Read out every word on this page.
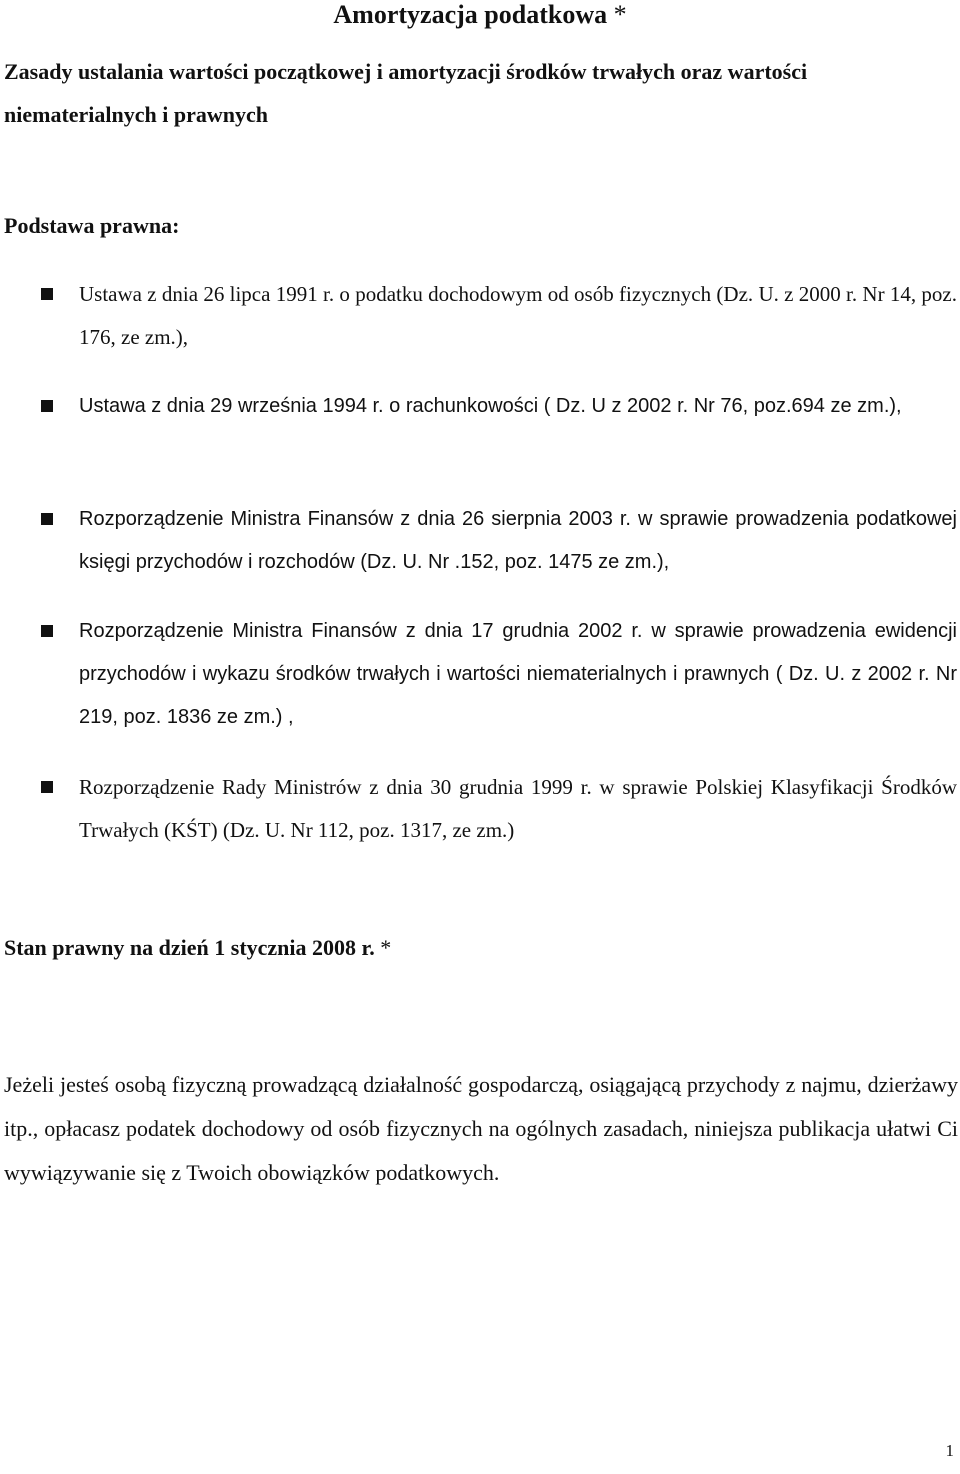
Amortyzacja podatkowa *
Zasady ustalania wartości początkowej i amortyzacji środków trwałych oraz wartości niematerialnych i prawnych
Podstawa prawna:
Ustawa z dnia 26 lipca 1991 r. o podatku dochodowym od osób fizycznych (Dz. U. z 2000 r. Nr 14, poz. 176, ze zm.),
Ustawa z dnia 29 września 1994 r. o rachunkowości ( Dz. U z 2002 r. Nr 76, poz.694 ze zm.),
Rozporządzenie Ministra Finansów z dnia 26 sierpnia 2003 r. w sprawie prowadzenia podatkowej księgi przychodów i rozchodów (Dz. U. Nr .152, poz. 1475 ze zm.),
Rozporządzenie Ministra Finansów z dnia 17 grudnia 2002 r. w sprawie prowadzenia ewidencji przychodów i wykazu środków trwałych i wartości niematerialnych i prawnych ( Dz. U. z 2002 r. Nr 219, poz. 1836 ze zm.) ,
Rozporządzenie Rady Ministrów z dnia 30 grudnia 1999 r. w sprawie Polskiej Klasyfikacji Środków Trwałych (KŚT) (Dz. U. Nr 112, poz. 1317, ze zm.)
Stan prawny na dzień 1 stycznia 2008 r. *
Jeżeli jesteś osobą fizyczną prowadzącą działalność gospodarczą, osiągającą przychody z najmu, dzierżawy itp., opłacasz podatek dochodowy od osób fizycznych na ogólnych zasadach, niniejsza publikacja ułatwi Ci wywiązywanie się z Twoich obowiązków podatkowych.
1
